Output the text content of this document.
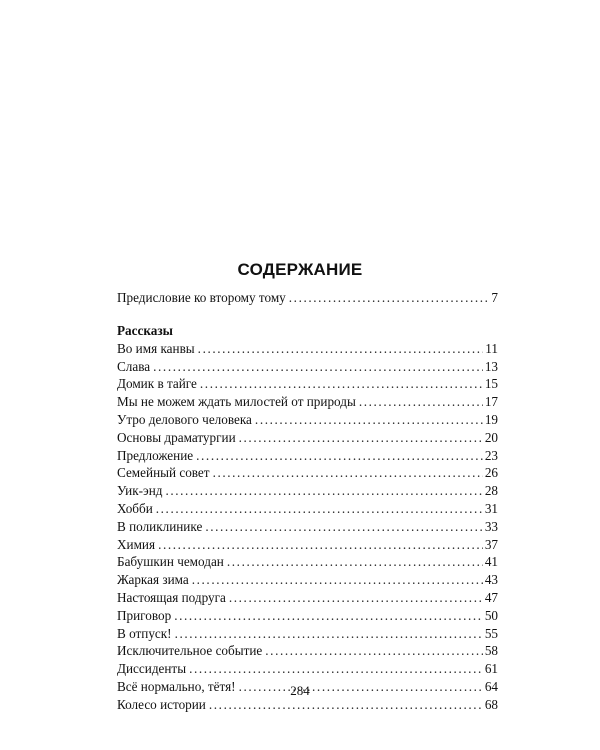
СОДЕРЖАНИЕ
Предисловие ко второму тому .....	7
Рассказы
Во имя канвы .....	11
Слава .....	13
Домик в тайге .....	15
Мы не можем ждать милостей от природы .....	17
Утро делового человека .....	19
Основы драматургии .....	20
Предложение .....	23
Семейный совет .....	26
Уик-энд .....	28
Хобби .....	31
В поликлинике .....	33
Химия .....	37
Бабушкин чемодан .....	41
Жаркая зима .....	43
Настоящая подруга .....	47
Приговор .....	50
В отпуск! .....	55
Исключительное событие .....	58
Диссиденты .....	61
Всё нормально, тётя! .....	64
Колесо истории .....	68
284
